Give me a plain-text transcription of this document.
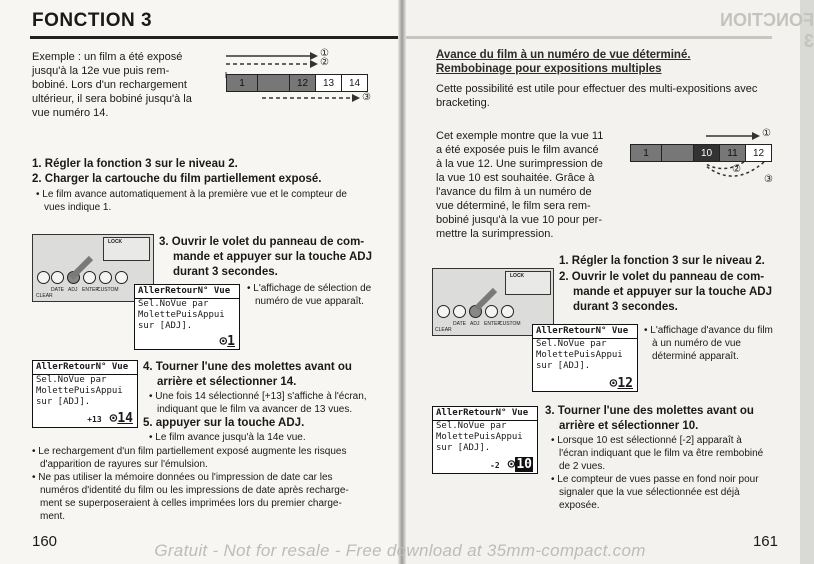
FONCTION 3
Exemple : un film a été exposé
jusqu'à la 12e vue puis rem-
bobiné. Lors d'un rechargement
ultérieur, il sera bobiné jusqu'à la
vue numéro 14.
①
②
③
1	12	13	14
1. Régler la fonction 3 sur le niveau 2.
2. Charger la cartouche du film partiellement exposé.
• Le film avance automatiquement à la première vue et le compteur de
vues indique 1.
LOCK
CLEAR
DATE ADJ ENTER
CUSTOM	AllerRetourN° Vue
Sel.NoVue par
MolettePuisAppui
sur [ADJ].
⊙1
3. Ouvrir le volet du panneau de com-
mande et appuyer sur la touche ADJ
durant 3 secondes.
• L'affichage de sélection de
numéro de vue apparaît.
AllerRetourN° Vue
Sel.NoVue par
MolettePuisAppui
sur [ADJ].
+13 ⊙14
4. Tourner l'une des molettes avant ou
arrière et sélectionner 14.
• Une fois 14 sélectionné [+13] s'affiche à l'écran,
indiquant que le film va avancer de 13 vues.
5. appuyer sur la touche ADJ.
• Le film avance jusqu'à la 14e vue.
• Le rechargement d'un film partiellement exposé augmente les risques
d'apparition de rayures sur l'émulsion.
• Ne pas utiliser la mémoire données ou l'impression de date car les
numéros d'identité du film ou les impressions de date après recharge-
ment se superposeraient à celles imprimées lors du premier charge-
ment.
160
FONCTION 3
Avance du film à un numéro de vue déterminé.
Rembobinage pour expositions multiples
Cette possibilité est utile pour effectuer des multi-expositions avec
bracketing.
Cet exemple montre que la vue 11
a été exposée puis le film avancé
à la vue 12. Une surimpression de
la vue 10 est souhaitée. Grâce à
l'avance du film à un numéro de
vue déterminé, le film sera rem-
bobiné jusqu'à la vue 10 pour per-
mettre la surimpression.
①
②
③
1	10	11	12
1. Régler la fonction 3 sur le niveau 2.
2. Ouvrir le volet du panneau de com-
mande et appuyer sur la touche ADJ
durant 3 secondes.
LOCK
CLEAR
DATE ADJ ENTER
CUSTOM
AllerRetourN° Vue
Sel.NoVue par
MolettePuisAppui
sur [ADJ].
⊙12
• L'affichage d'avance du film
à un numéro de vue
déterminé apparaît.
AllerRetourN° Vue
Sel.NoVue par
MolettePuisAppui
sur [ADJ].
-2 ⊙10
3. Tourner l'une des molettes avant ou
arrière et sélectionner 10.
• Lorsque 10 est sélectionné [-2] apparaît à
l'écran indiquant que le film va être rembobiné
de 2 vues.
• Le compteur de vues passe en fond noir pour
signaler que la vue sélectionnée est déjà
exposée.
161
Gratuit - Not for resale - Free download at 35mm-compact.com
